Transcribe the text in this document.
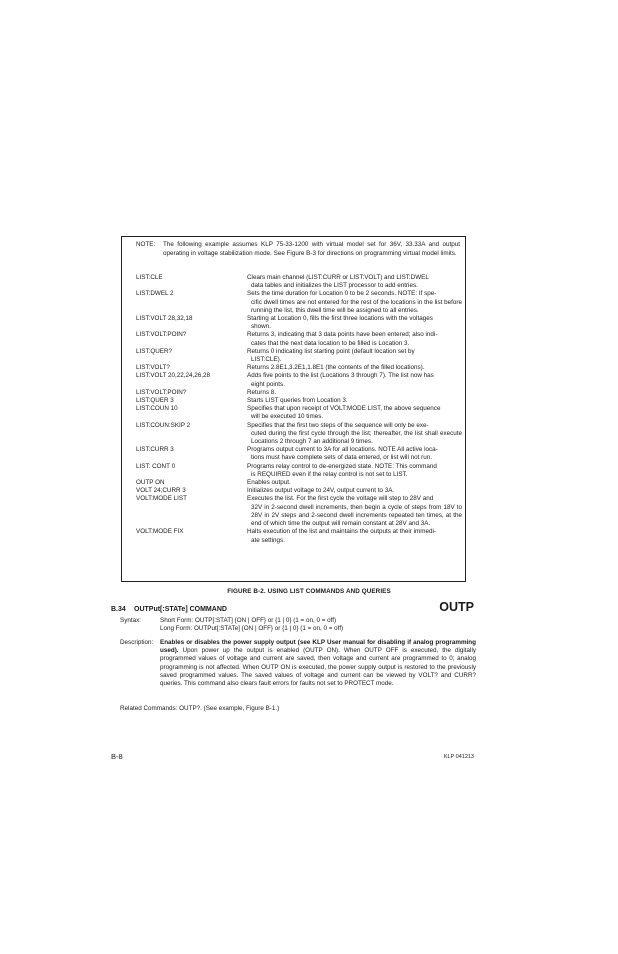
NOTE: The following example assumes KLP 75-33-1200 with virtual model set for 36V, 33.33A and output operating in voltage stabilization mode. See Figure B-3 for directions on programming virtual model limits.
LIST:CLE	Clears main channel (LIST:CURR or LIST:VOLT) and LIST:DWEL
data tables and initializes the LIST processor to add entries.
LIST:DWEL 2	Sets the time duration for Location 0 to be 2 seconds. NOTE: If spe-
cific dwell times are not entered for the rest of the locations in the list before running the list, this dwell time will be assigned to all entries.
LIST:VOLT 28,32,18	Starting at Location 0, fills the first three locations with the voltages
shown.
LIST:VOLT:POIN?	Returns 3, indicating that 3 data points have been entered; also indi-
cates that the next data location to be filled is Location 3.
LIST:QUER?	Returns 0 indicating list starting point (default location set by
LIST:CLE).
LIST:VOLT?	Returns 2.8E1,3.2E1,1.8E1 (the contents of the filled locations).
LIST:VOLT 20,22,24,26,28	Adds five points to the list (Locations 3 through 7). The list now has
eight points.
LIST:VOLT:POIN?	Returns 8.
LIST:QUER 3	Starts LIST queries from Location 3.
LIST:COUN 10	Specifies that upon receipt of VOLT:MODE LIST, the above sequence
will be executed 10 times.
LIST:COUN:SKIP 2	Specifies that the first two steps of the sequence will only be exe-
cuted during the first cycle through the list; thereafter, the list shall execute Locations 2 through 7 an additional 9 times.
LIST:CURR 3	Programs output current to 3A for all locations. NOTE All active loca-
tions must have complete sets of data entered, or list will not run.
LIST: CONT 0	Programs relay control to de-energized state. NOTE: This command
is REQUIRED even if the relay control is not set to LIST.
OUTP ON	Enables output.
VOLT 24;CURR 3	Initializes output voltage to 24V, output current to 3A.
VOLT:MODE LIST	Executes the list. For the first cycle the voltage will step to 28V and
32V in 2-second dwell increments, then begin a cycle of steps from 18V to 28V in 2V steps and 2-second dwell increments repeated ten times, at the end of which time the output will remain constant at 28V and 3A.
VOLT:MODE FIX	Halts execution of the list and maintains the outputs at their immedi-
ate settings.
FIGURE B-2. USING LIST COMMANDS AND QUERIES
B.34 OUTPut[:STATe] COMMAND	OUTP
Syntax:	Short Form: OUTP[:STAT] {ON | OFF} or {1 | 0} (1 = on, 0 = off)
Long Form: OUTPut[:STATe] {ON | OFF} or {1 | 0} (1 = on, 0 = off)
Description: Enables or disables the power supply output (see KLP User manual for disabling if analog programming used). Upon power up the output is enabled (OUTP ON). When OUTP OFF is executed, the digitally programmed values of voltage and current are saved, then voltage and current are programmed to 0; analog programming is not affected. When OUTP ON is executed, the power supply output is restored to the previously saved programmed values. The saved values of voltage and current can be viewed by VOLT? and CURR? queries. This command also clears fault errors for faults not set to PROTECT mode.
Related Commands: OUTP?. (See example, Figure B-1.)
B-8	KLP 041213
